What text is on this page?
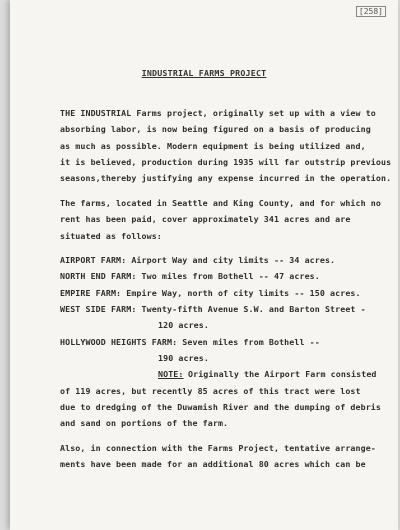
[258]
INDUSTRIAL FARMS PROJECT
THE INDUSTRIAL Farms project, originally set up with a view to
absorbing labor, is now being figured on a basis of producing
as much as possible. Modern equipment is being utilized and,
it is believed, production during 1935 will far outstrip previous
seasons,thereby justifying any expense incurred in the operation.
The farms, located in Seattle and King County, and for which no
rent has been paid, cover approximately 341 acres and are
situated as follows:
AIRPORT FARM: Airport Way and city limits -- 34 acres.
NORTH END FARM: Two miles from Bothell -- 47 acres.
EMPIRE FARM: Empire Way, north of city limits -- 150 acres.
WEST SIDE FARM: Twenty-fifth Avenue S.W. and Barton Street -
120 acres.
HOLLYWOOD HEIGHTS FARM: Seven miles from Bothell --
190 acres.
NOTE: Originally the Airport Farm consisted
of 119 acres, but recently 85 acres of this tract were lost
due to dredging of the Duwamish River and the dumping of debris
and sand on portions of the farm.
Also, in connection with the Farms Project, tentative arrange-
ments have been made for an additional 80 acres which can be
